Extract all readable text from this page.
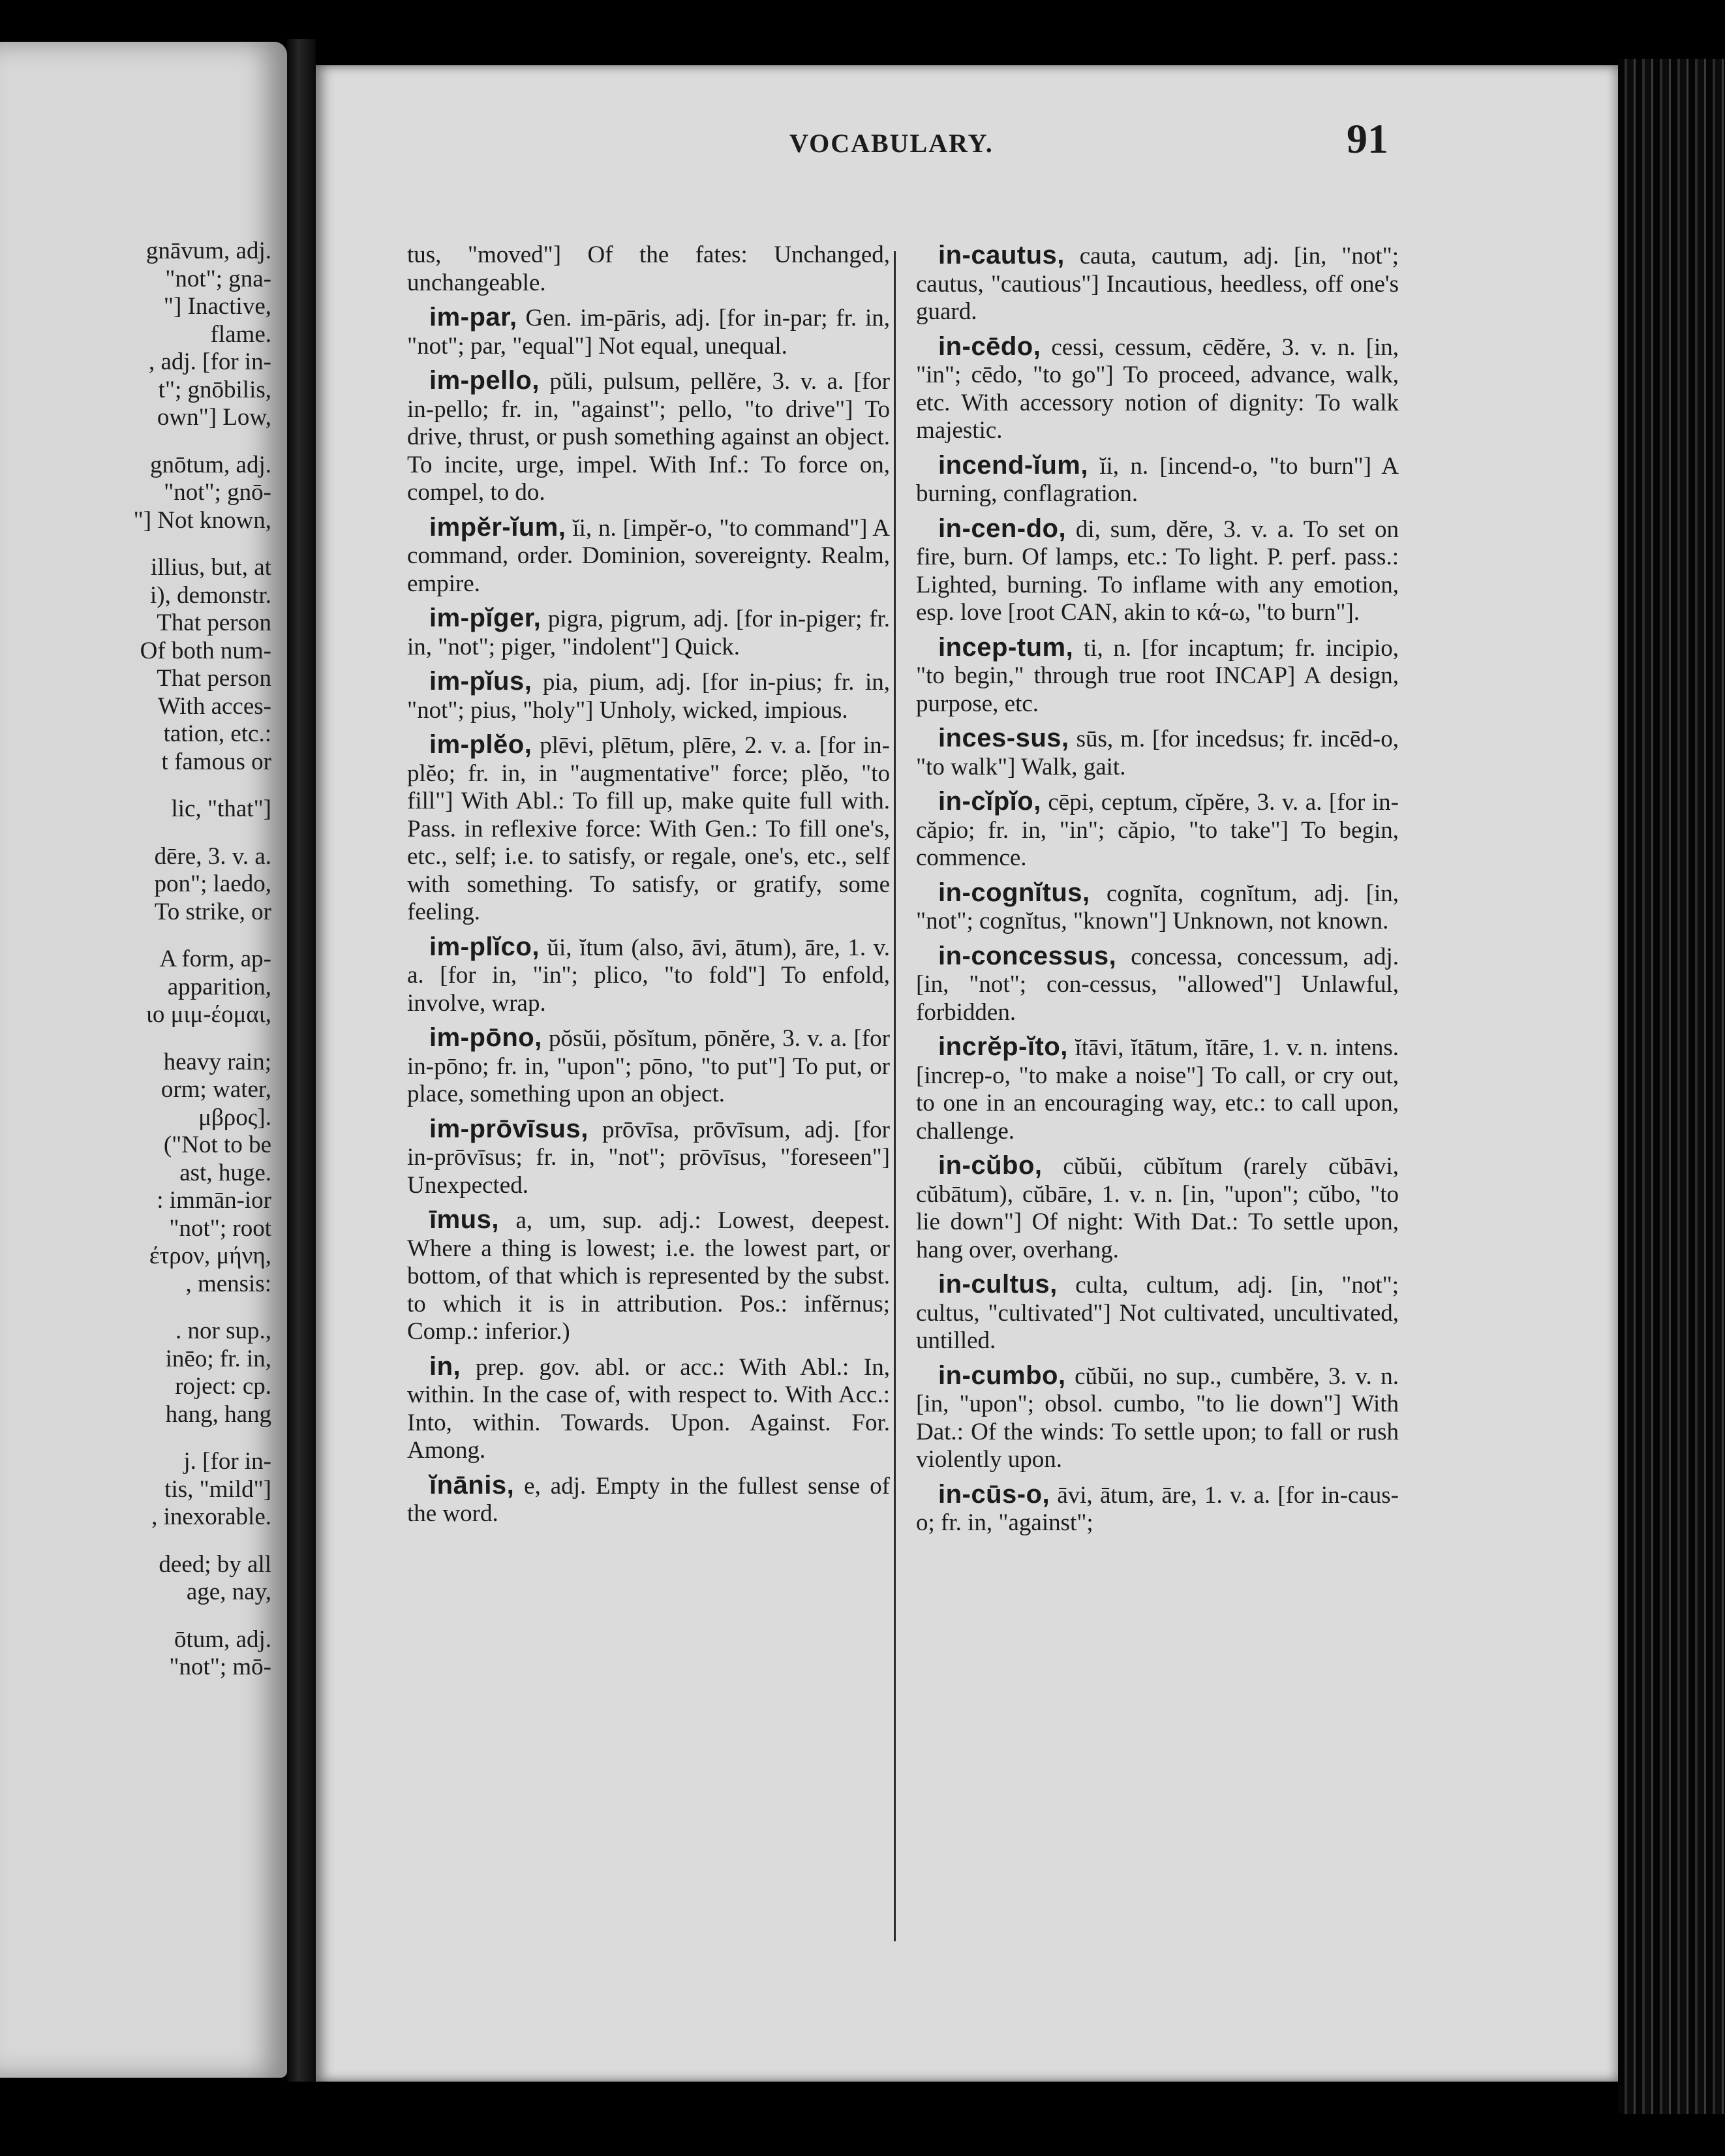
gnāvum, adj.
"not"; gna-
"] Inactive,
flame.
, adj. [for in-
t"; gnōbilis,
own"] Low,
gnōtum, adj.
"not"; gnō-
"] Not known,
illius, but, at
i), demonstr.
That person
Of both num-
That person
With acces-
tation, etc.:
t famous or
lic, "that"]
dēre, 3. v. a.
pon"; laedo,
To strike, or
A form, ap-
apparition,
ιο μιμ-έομαι,
heavy rain;
orm; water,
μβρος].
("Not to be
ast, huge.
: immān-ior
"not"; root
έτρον, μήνη,
, mensis:
. nor sup.,
inēo; fr. in,
roject: cp.
hang, hang
j. [for in-
tis, "mild"]
, inexorable.
deed; by all
age, nay,
ōtum, adj.
"not"; mō-
VOCABULARY.	91
tus, "moved"] Of the fates: Unchanged, unchangeable.
im-par, Gen. im-pāris, adj. [for in-par; fr. in, "not"; par, "equal"] Not equal, unequal.
im-pello, pŭli, pulsum, pellĕre, 3. v. a. [for in-pello; fr. in, "against"; pello, "to drive"] To drive, thrust, or push something against an object. To incite, urge, impel. With Inf.: To force on, compel, to do.
impĕr-ĭum, ĭi, n. [impĕr-o, "to command"] A command, order. Dominion, sovereignty. Realm, empire.
im-pĭger, pigra, pigrum, adj. [for in-piger; fr. in, "not"; piger, "indolent"] Quick.
im-pĭus, pia, pium, adj. [for in-pius; fr. in, "not"; pius, "holy"] Unholy, wicked, impious.
im-plĕo, plēvi, plētum, plēre, 2. v. a. [for in-plĕo; fr. in, in "augmentative" force; plĕo, "to fill"] With Abl.: To fill up, make quite full with. Pass. in reflexive force: With Gen.: To fill one's, etc., self; i.e. to satisfy, or regale, one's, etc., self with something. To satisfy, or gratify, some feeling.
im-plĭco, ŭi, ĭtum (also, āvi, ātum), āre, 1. v. a. [for in, "in"; plico, "to fold"] To enfold, involve, wrap.
im-pōno, pŏsŭi, pŏsĭtum, pōnĕre, 3. v. a. [for in-pōno; fr. in, "upon"; pōno, "to put"] To put, or place, something upon an object.
im-prōvīsus, prōvīsa, prōvīsum, adj. [for in-prōvīsus; fr. in, "not"; prōvīsus, "foreseen"] Unexpected.
īmus, a, um, sup. adj.: Lowest, deepest. Where a thing is lowest; i.e. the lowest part, or bottom, of that which is represented by the subst. to which it is in attribution. Pos.: infĕrnus; Comp.: inferior.)
in, prep. gov. abl. or acc.: With Abl.: In, within. In the case of, with respect to. With Acc.: Into, within. Towards. Upon. Against. For. Among.
ĭnānis, e, adj. Empty in the fullest sense of the word.
in-cautus, cauta, cautum, adj. [in, "not"; cautus, "cautious"] Incautious, heedless, off one's guard.
in-cēdo, cessi, cessum, cēdĕre, 3. v. n. [in, "in"; cēdo, "to go"] To proceed, advance, walk, etc. With accessory notion of dignity: To walk majestic.
incend-ĭum, ĭi, n. [incend-o, "to burn"] A burning, conflagration.
in-cen-do, di, sum, dĕre, 3. v. a. To set on fire, burn. Of lamps, etc.: To light. P. perf. pass.: Lighted, burning. To inflame with any emotion, esp. love [root CAN, akin to κά-ω, "to burn"].
incep-tum, ti, n. [for incaptum; fr. incipio, "to begin," through true root INCAP] A design, purpose, etc.
inces-sus, sūs, m. [for incedsus; fr. incēd-o, "to walk"] Walk, gait.
in-cĭpĭo, cēpi, ceptum, cĭpĕre, 3. v. a. [for in-căpio; fr. in, "in"; căpio, "to take"] To begin, commence.
in-cognĭtus, cognĭta, cognĭtum, adj. [in, "not"; cognĭtus, "known"] Unknown, not known.
in-concessus, concessa, concessum, adj. [in, "not"; con-cessus, "allowed"] Unlawful, forbidden.
incrĕp-ĭto, ĭtāvi, ĭtātum, ĭtāre, 1. v. n. intens. [increp-o, "to make a noise"] To call, or cry out, to one in an encouraging way, etc.: to call upon, challenge.
in-cŭbo, cŭbŭi, cŭbĭtum (rarely cŭbāvi, cŭbātum), cŭbāre, 1. v. n. [in, "upon"; cŭbo, "to lie down"] Of night: With Dat.: To settle upon, hang over, overhang.
in-cultus, culta, cultum, adj. [in, "not"; cultus, "cultivated"] Not cultivated, uncultivated, untilled.
in-cumbo, cŭbŭi, no sup., cumbĕre, 3. v. n. [in, "upon"; obsol. cumbo, "to lie down"] With Dat.: Of the winds: To settle upon; to fall or rush violently upon.
in-cūs-o, āvi, ātum, āre, 1. v. a. [for in-caus-o; fr. in, "against";
